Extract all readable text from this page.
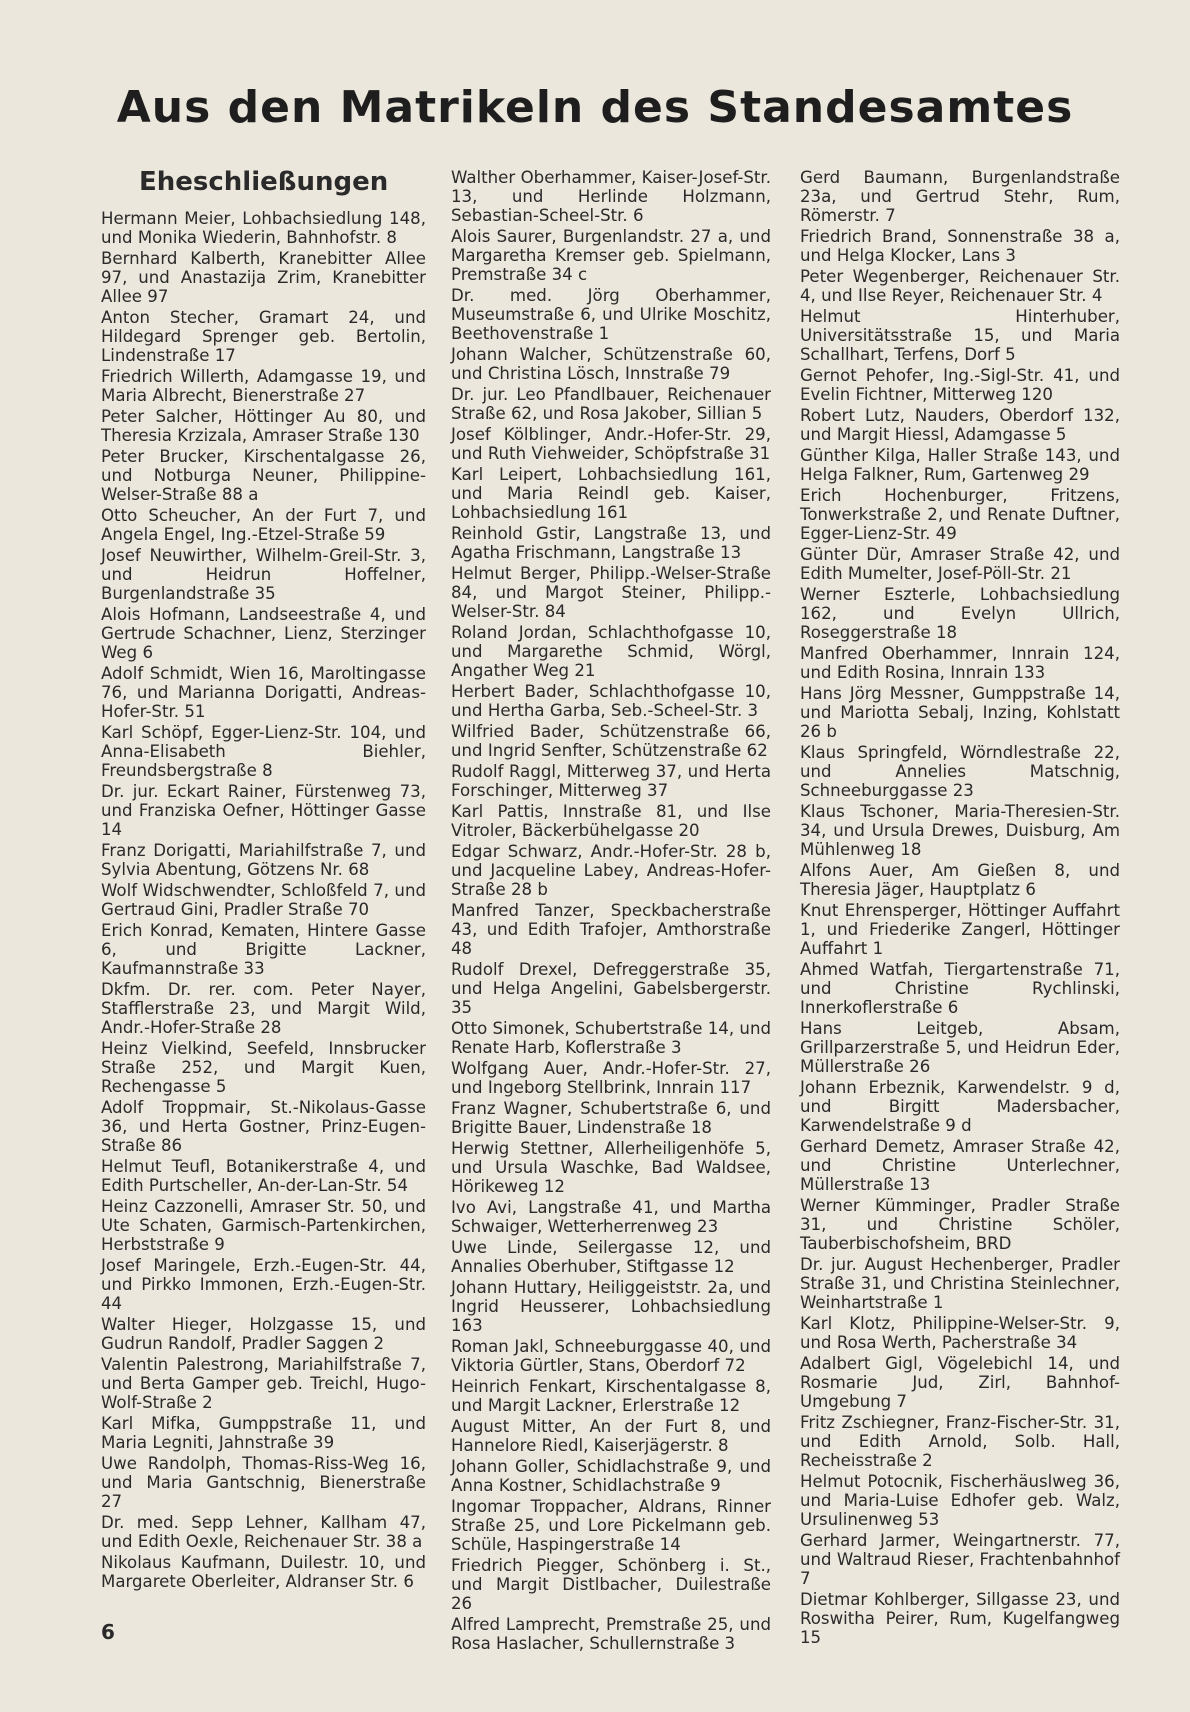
Aus den Matrikeln des Standesamtes
Eheschließungen

Hermann Meier, Lohbachsiedlung 148, und Monika Wiederin, Bahnhofstr. 8

Bernhard Kalberth, Kranebitter Allee 97, und Anastazija Zrim, Kranebitter Allee 97

Anton Stecher, Gramart 24, und Hildegard Sprenger geb. Bertolin, Lindenstraße 17

Friedrich Willerth, Adamgasse 19, und Maria Albrecht, Bienerstraße 27

Peter Salcher, Höttinger Au 80, und Theresia Krzizala, Amraser Straße 130

Peter Brucker, Kirschentalgasse 26, und Notburga Neuner, Philippine-Welser-Straße 88 a

Otto Scheucher, An der Furt 7, und Angela Engel, Ing.-Etzel-Straße 59

Josef Neuwirther, Wilhelm-Greil-Str. 3, und Heidrun Hoffelner, Burgenlandstraße 35

Alois Hofmann, Landseestraße 4, und Gertrude Schachner, Lienz, Sterzinger Weg 6

Adolf Schmidt, Wien 16, Maroltingasse 76, und Marianna Dorigatti, Andreas-Hofer-Str. 51

Karl Schöpf, Egger-Lienz-Str. 104, und Anna-Elisabeth Biehler, Freundsbergstraße 8

Dr. jur. Eckart Rainer, Fürstenweg 73, und Franziska Oefner, Höttinger Gasse 14

Franz Dorigatti, Mariahilfstraße 7, und Sylvia Abentung, Götzens Nr. 68

Wolf Widschwendter, Schloßfeld 7, und Gertraud Gini, Pradler Straße 70

Erich Konrad, Kematen, Hintere Gasse 6, und Brigitte Lackner, Kaufmannstraße 33

Dkfm. Dr. rer. com. Peter Nayer, Stafflerstraße 23, und Margit Wild, Andr.-Hofer-Straße 28

Heinz Vielkind, Seefeld, Innsbrucker Straße 252, und Margit Kuen, Rechengasse 5

Adolf Troppmair, St.-Nikolaus-Gasse 36, und Herta Gostner, Prinz-Eugen-Straße 86

Helmut Teufl, Botanikerstraße 4, und Edith Purtscheller, An-der-Lan-Str. 54

Heinz Cazzonelli, Amraser Str. 50, und Ute Schaten, Garmisch-Partenkirchen, Herbststraße 9

Josef Maringele, Erzh.-Eugen-Str. 44, und Pirkko Immonen, Erzh.-Eugen-Str. 44

Walter Hieger, Holzgasse 15, und Gudrun Randolf, Pradler Saggen 2

Valentin Palestrong, Mariahilfstraße 7, und Berta Gamper geb. Treichl, Hugo-Wolf-Straße 2

Karl Mifka, Gumppstraße 11, und Maria Legniti, Jahnstraße 39

Uwe Randolph, Thomas-Riss-Weg 16, und Maria Gantschnig, Bienerstraße 27

Dr. med. Sepp Lehner, Kallham 47, und Edith Oexle, Reichenauer Str. 38 a

Nikolaus Kaufmann, Duilestr. 10, und Margarete Oberleiter, Aldranser Str. 6

Walther Oberhammer, Kaiser-Josef-Str. 13, und Herlinde Holzmann, Sebastian-Scheel-Str. 6

Alois Saurer, Burgenlandstr. 27 a, und Margaretha Kremser geb. Spielmann, Premstraße 34 c

Dr. med. Jörg Oberhammer, Museumstraße 6, und Ulrike Moschitz, Beethovenstraße 1

Johann Walcher, Schützenstraße 60, und Christina Lösch, Innstraße 79

Dr. jur. Leo Pfandlbauer, Reichenauer Straße 62, und Rosa Jakober, Sillian 5

Josef Kölblinger, Andr.-Hofer-Str. 29, und Ruth Viehweider, Schöpfstraße 31

Karl Leipert, Lohbachsiedlung 161, und Maria Reindl geb. Kaiser, Lohbachsiedlung 161

Reinhold Gstir, Langstraße 13, und Agatha Frischmann, Langstraße 13

Helmut Berger, Philipp.-Welser-Straße 84, und Margot Steiner, Philipp.-Welser-Str. 84

Roland Jordan, Schlachthofgasse 10, und Margarethe Schmid, Wörgl, Angather Weg 21

Herbert Bader, Schlachthofgasse 10, und Hertha Garba, Seb.-Scheel-Str. 3

Wilfried Bader, Schützenstraße 66, und Ingrid Senfter, Schützenstraße 62

Rudolf Raggl, Mitterweg 37, und Herta Forschinger, Mitterweg 37

Karl Pattis, Innstraße 81, und Ilse Vitroler, Bäckerbühelgasse 20

Edgar Schwarz, Andr.-Hofer-Str. 28 b, und Jacqueline Labey, Andreas-Hofer-Straße 28 b

Manfred Tanzer, Speckbacherstraße 43, und Edith Trafojer, Amthorstraße 48

Rudolf Drexel, Defreggerstraße 35, und Helga Angelini, Gabelsbergerstr. 35

Otto Simonek, Schubertstraße 14, und Renate Harb, Koflerstraße 3

Wolfgang Auer, Andr.-Hofer-Str. 27, und Ingeborg Stellbrink, Innrain 117

Franz Wagner, Schubertstraße 6, und Brigitte Bauer, Lindenstraße 18

Herwig Stettner, Allerheiligenhöfe 5, und Ursula Waschke, Bad Waldsee, Hörikeweg 12

Ivo Avi, Langstraße 41, und Martha Schwaiger, Wetterherrenweg 23

Uwe Linde, Seilergasse 12, und Annalies Oberhuber, Stiftgasse 12

Johann Huttary, Heiliggeiststr. 2a, und Ingrid Heusserer, Lohbachsiedlung 163

Roman Jakl, Schneeburggasse 40, und Viktoria Gürtler, Stans, Oberdorf 72

Heinrich Fenkart, Kirschentalgasse 8, und Margit Lackner, Erlerstraße 12

August Mitter, An der Furt 8, und Hannelore Riedl, Kaiserjägerstr. 8

Johann Goller, Schidlachstraße 9, und Anna Kostner, Schidlachstraße 9

Ingomar Troppacher, Aldrans, Rinner Straße 25, und Lore Pickelmann geb. Schüle, Haspingerstraße 14

Friedrich Piegger, Schönberg i. St., und Margit Distlbacher, Duilestraße 26

Alfred Lamprecht, Premstraße 25, und Rosa Haslacher, Schullernstraße 3

Gerd Baumann, Burgenlandstraße 23a, und Gertrud Stehr, Rum, Römerstr. 7

Friedrich Brand, Sonnenstraße 38 a, und Helga Klocker, Lans 3

Peter Wegenberger, Reichenauer Str. 4, und Ilse Reyer, Reichenauer Str. 4

Helmut Hinterhuber, Universitätsstraße 15, und Maria Schallhart, Terfens, Dorf 5

Gernot Pehofer, Ing.-Sigl-Str. 41, und Evelin Fichtner, Mitterweg 120

Robert Lutz, Nauders, Oberdorf 132, und Margit Hiessl, Adamgasse 5

Günther Kilga, Haller Straße 143, und Helga Falkner, Rum, Gartenweg 29

Erich Hochenburger, Fritzens, Tonwerkstraße 2, und Renate Duftner, Egger-Lienz-Str. 49

Günter Dür, Amraser Straße 42, und Edith Mumelter, Josef-Pöll-Str. 21

Werner Eszterle, Lohbachsiedlung 162, und Evelyn Ullrich, Roseggerstraße 18

Manfred Oberhammer, Innrain 124, und Edith Rosina, Innrain 133

Hans Jörg Messner, Gumppstraße 14, und Mariotta Sebalj, Inzing, Kohlstatt 26 b

Klaus Springfeld, Wörndlestraße 22, und Annelies Matschnig, Schneeburggasse 23

Klaus Tschoner, Maria-Theresien-Str. 34, und Ursula Drewes, Duisburg, Am Mühlenweg 18

Alfons Auer, Am Gießen 8, und Theresia Jäger, Hauptplatz 6

Knut Ehrensperger, Höttinger Auffahrt 1, und Friederike Zangerl, Höttinger Auffahrt 1

Ahmed Watfah, Tiergartenstraße 71, und Christine Rychlinski, Innerkoflerstraße 6

Hans Leitgeb, Absam, Grillparzerstraße 5, und Heidrun Eder, Müllerstraße 26

Johann Erbeznik, Karwendelstr. 9 d, und Birgitt Madersbacher, Karwendelstraße 9 d

Gerhard Demetz, Amraser Straße 42, und Christine Unterlechner, Müllerstraße 13

Werner Kümminger, Pradler Straße 31, und Christine Schöler, Tauberbischofsheim, BRD

Dr. jur. August Hechenberger, Pradler Straße 31, und Christina Steinlechner, Weinhartstraße 1

Karl Klotz, Philippine-Welser-Str. 9, und Rosa Werth, Pacherstraße 34

Adalbert Gigl, Vögelebichl 14, und Rosmarie Jud, Zirl, Bahnhof-Umgebung 7

Fritz Zschiegner, Franz-Fischer-Str. 31, und Edith Arnold, Solb. Hall, Recheisstraße 2

Helmut Potocnik, Fischerhäuslweg 36, und Maria-Luise Edhofer geb. Walz, Ursulinenweg 53

Gerhard Jarmer, Weingartnerstr. 77, und Waltraud Rieser, Frachtenbahnhof 7

Dietmar Kohlberger, Sillgasse 23, und Roswitha Peirer, Rum, Kugelfangweg 15

6
